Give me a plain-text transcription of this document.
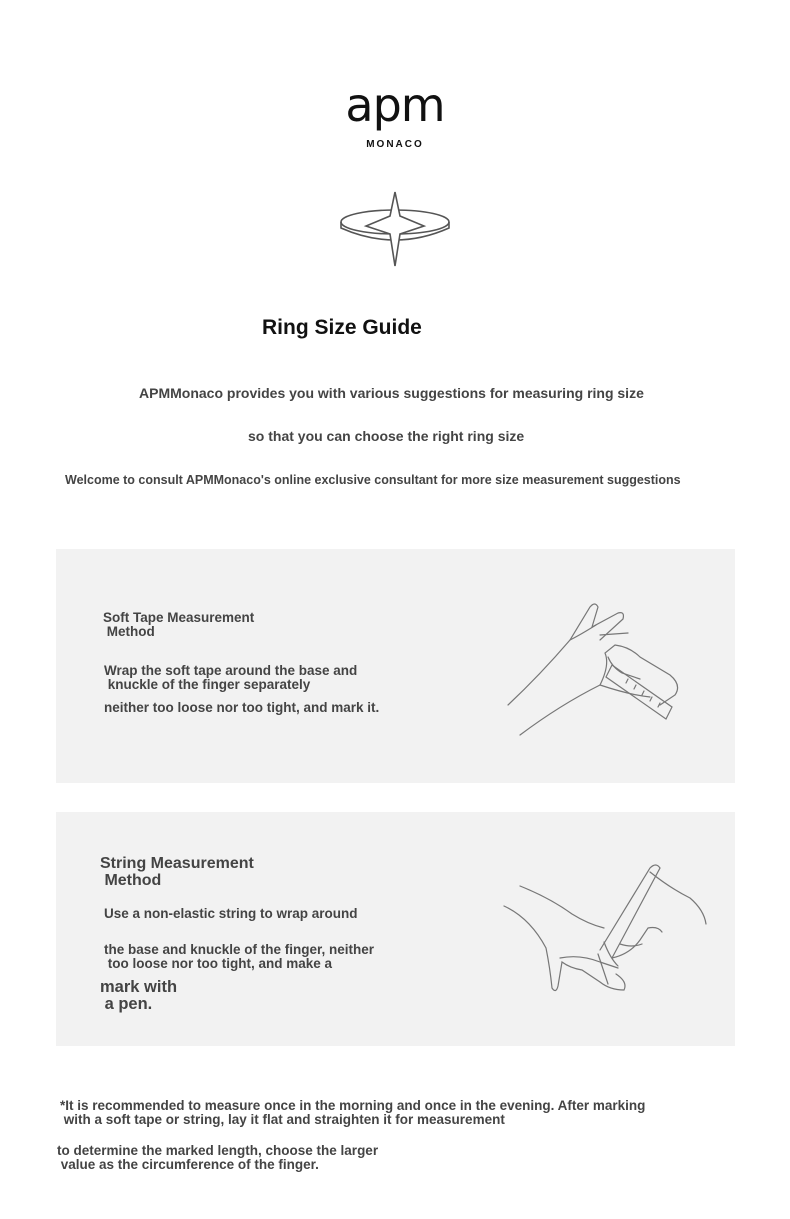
apm
MONACO
Ring Size Guide
APMMonaco provides you with various suggestions for measuring ring size
so that you can choose the right ring size
Welcome to consult APMMonaco's online exclusive consultant for more size measurement suggestions
Soft Tape Measurement
Method
Wrap the soft tape around the base and
knuckle of the finger separately
neither too loose nor too tight, and mark it.
String Measurement
Method
Use a non-elastic string to wrap around
the base and knuckle of the finger, neither
too loose nor too tight, and make a
mark with
a pen.
*It is recommended to measure once in the morning and once in the evening. After marking
with a soft tape or string, lay it flat and straighten it for measurement
to determine the marked length, choose the larger
value as the circumference of the finger.
